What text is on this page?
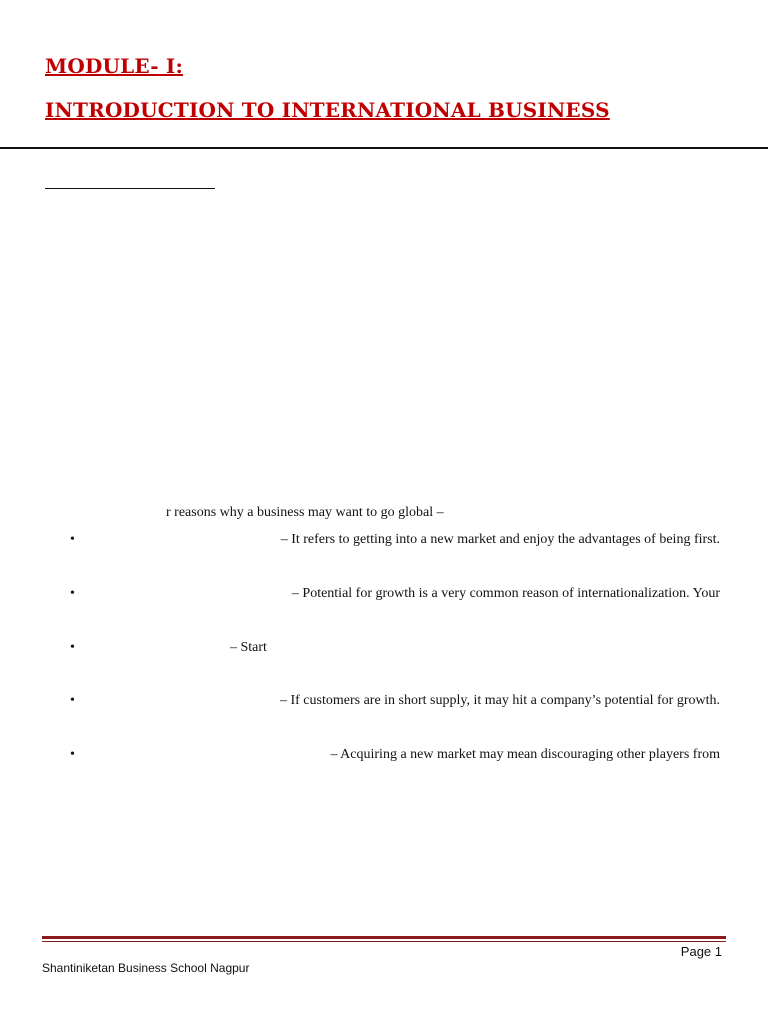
MODULE- I:
INTRODUCTION TO INTERNATIONAL BUSINESS

r reasons why a business may want to go global –

•	– It refers to getting into a new market and enjoy the advantages of being first.
•	– Potential for growth is a very common reason of internationalization. Your
•	– Start
•	– If customers are in short supply, it may hit a company’s potential for growth.
•	– Acquiring a new market may mean discouraging other players from
Page 1
Shantiniketan Business School Nagpur
